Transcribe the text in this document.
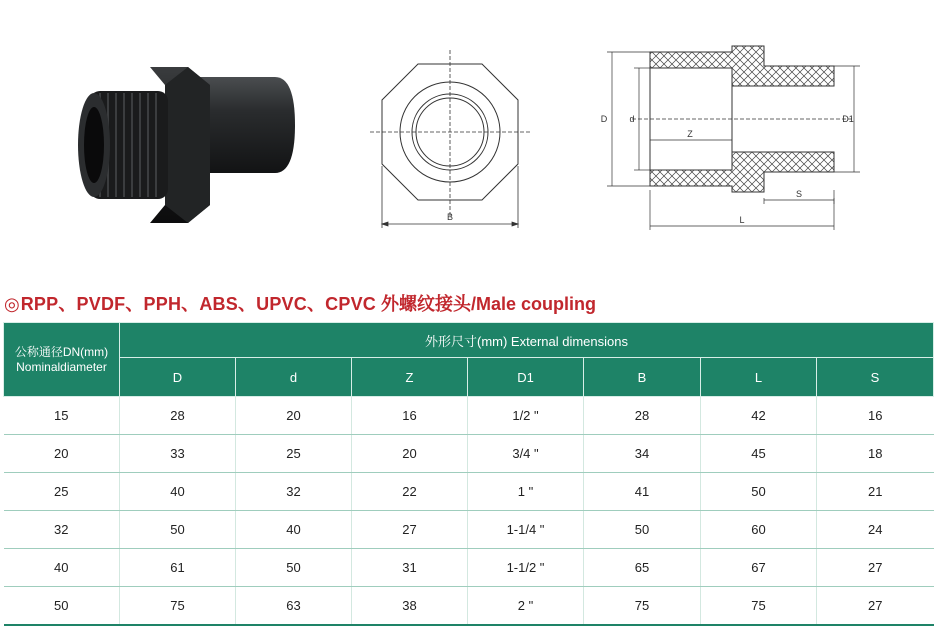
B
D d
Z
D1
S
L
◎RPP、PVDF、PPH、ABS、UPVC、CPVC 外螺纹接头/Male coupling
公称通径DN(mm)
Nominaldiameter	外形尺寸(mm) External dimensions						
	D	d	Z	D1	B	L	S
15	28	20	16	1/2 "	28	42	16
20	33	25	20	3/4 "	34	45	18
25	40	32	22	1 "	41	50	21
32	50	40	27	1-1/4 "	50	60	24
40	61	50	31	1-1/2 "	65	67	27
50	75	63	38	2 "	75	75	27
